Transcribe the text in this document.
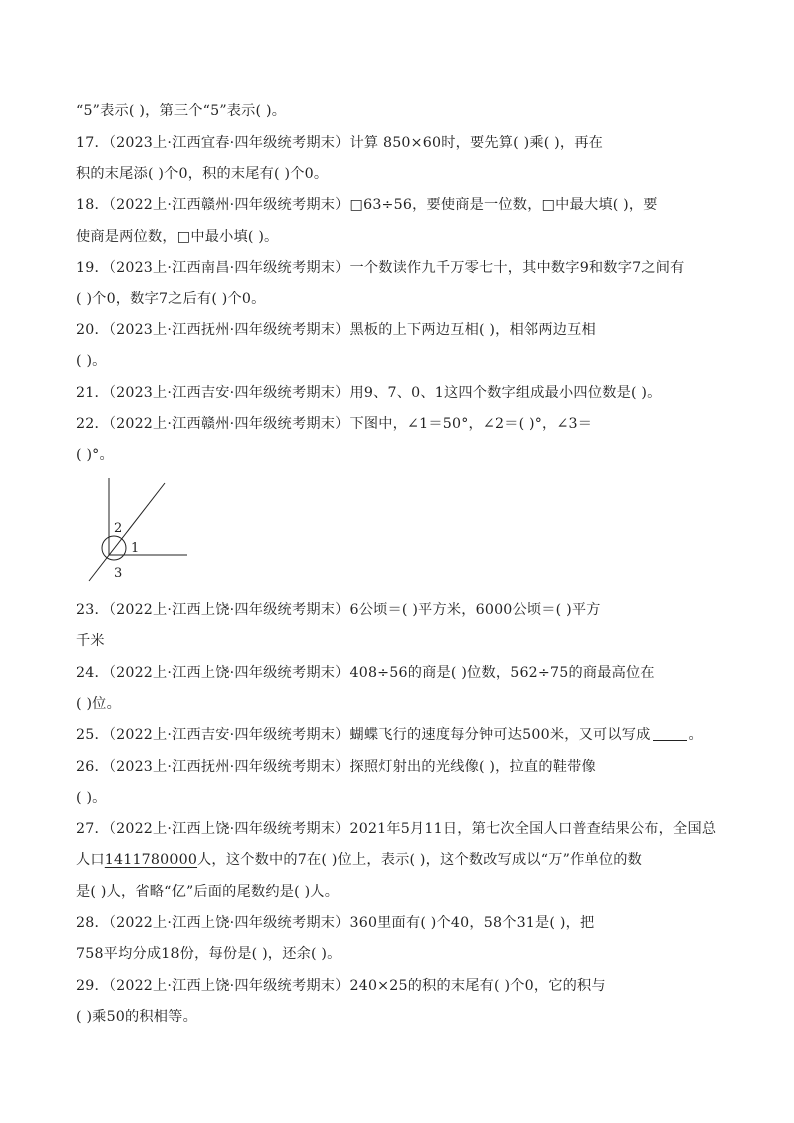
“5”表示( )，第三个“5”表示( )。
17．（2023上·江西宜春·四年级统考期末）计算 850×60时，要先算( )乘( )，再在
积的末尾添( )个0，积的末尾有( )个0。
18．（2022上·江西赣州·四年级统考期末）□63÷56，要使商是一位数，□中最大填( )，要
使商是两位数，□中最小填( )。
19．（2023上·江西南昌·四年级统考期末）一个数读作九千万零七十，其中数字9和数字7之间有
( )个0，数字7之后有( )个0。
20．（2023上·江西抚州·四年级统考期末）黑板的上下两边互相( )，相邻两边互相
( )。
21．（2023上·江西吉安·四年级统考期末）用9、7、0、1这四个数字组成最小四位数是( )。
22．（2022上·江西赣州·四年级统考期末）下图中，∠1＝50°，∠2＝( )°，∠3＝
( )°。
2
1
3
23．（2022上·江西上饶·四年级统考期末）6公顷＝( )平方米，6000公顷＝( )平方
千米
24．（2022上·江西上饶·四年级统考期末）408÷56的商是( )位数，562÷75的商最高位在
( )位。
25．（2022上·江西吉安·四年级统考期末）蝴蝶飞行的速度每分钟可达500米，又可以写成	。
26．（2023上·江西抚州·四年级统考期末）探照灯射出的光线像( )，拉直的鞋带像
( )。
27．（2022上·江西上饶·四年级统考期末）2021年5月11日，第七次全国人口普查结果公布，全国总
人口1411780000人，这个数中的7在( )位上，表示( )，这个数改写成以“万”作单位的数
是( )人，省略“亿”后面的尾数约是( )人。
28．（2022上·江西上饶·四年级统考期末）360里面有( )个40，58个31是( )，把
758平均分成18份，每份是( )，还余( )。
29．（2022上·江西上饶·四年级统考期末）240×25的积的末尾有( )个0，它的积与
( )乘50的积相等。
